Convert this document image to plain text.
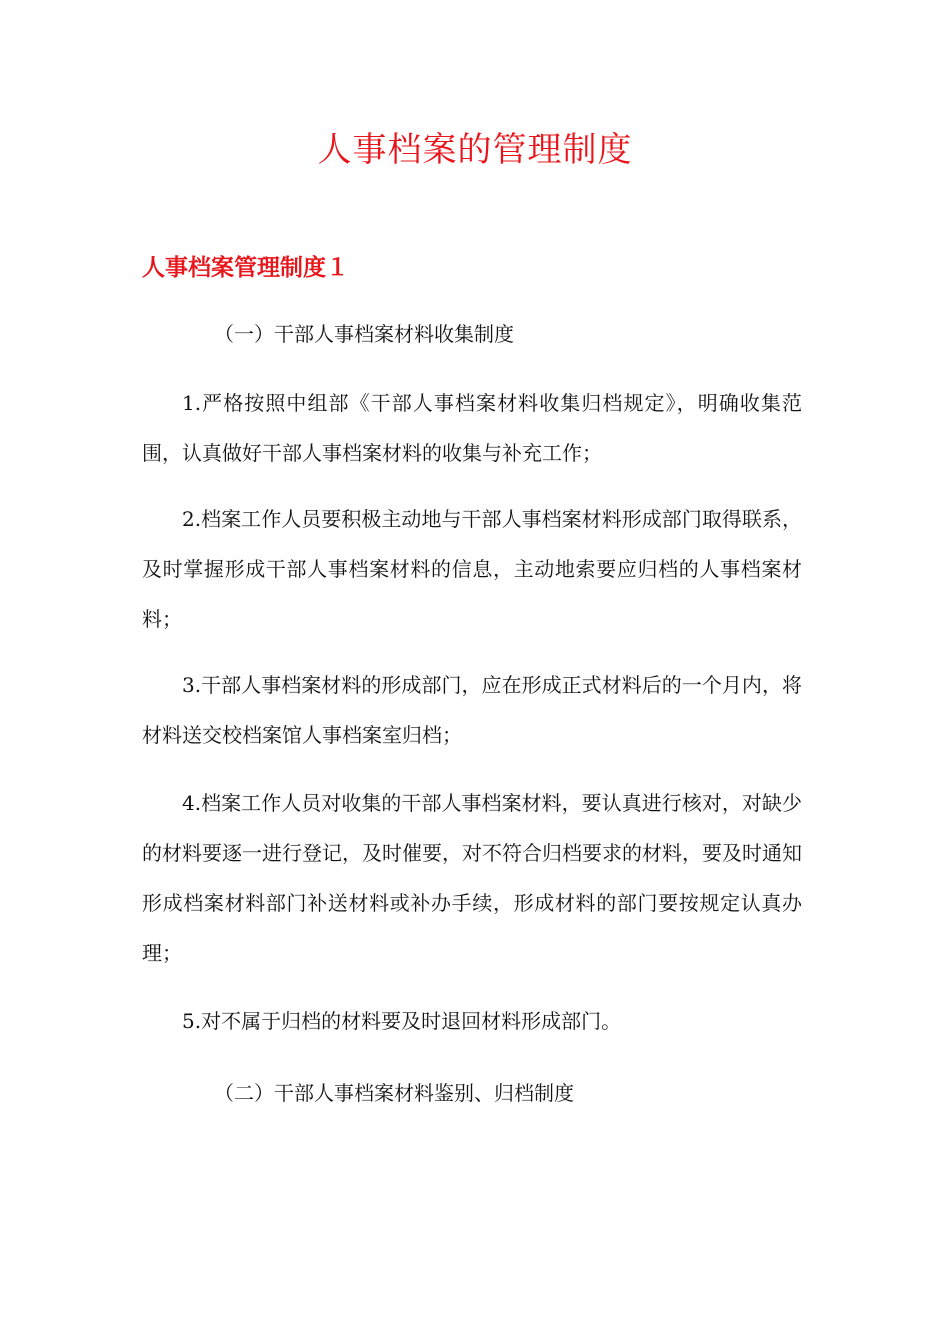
人事档案的管理制度
人事档案管理制度１

（一）干部人事档案材料收集制度

1.严格按照中组部《干部人事档案材料收集归档规定》，明确收集范围，认真做好干部人事档案材料的收集与补充工作；

2.档案工作人员要积极主动地与干部人事档案材料形成部门取得联系，及时掌握形成干部人事档案材料的信息，主动地索要应归档的人事档案材料；

3.干部人事档案材料的形成部门，应在形成正式材料后的一个月内，将材料送交校档案馆人事档案室归档；

4.档案工作人员对收集的干部人事档案材料，要认真进行核对，对缺少的材料要逐一进行登记，及时催要，对不符合归档要求的材料，要及时通知形成档案材料部门补送材料或补办手续，形成材料的部门要按规定认真办理；

5.对不属于归档的材料要及时退回材料形成部门。

（二）干部人事档案材料鉴别、归档制度
